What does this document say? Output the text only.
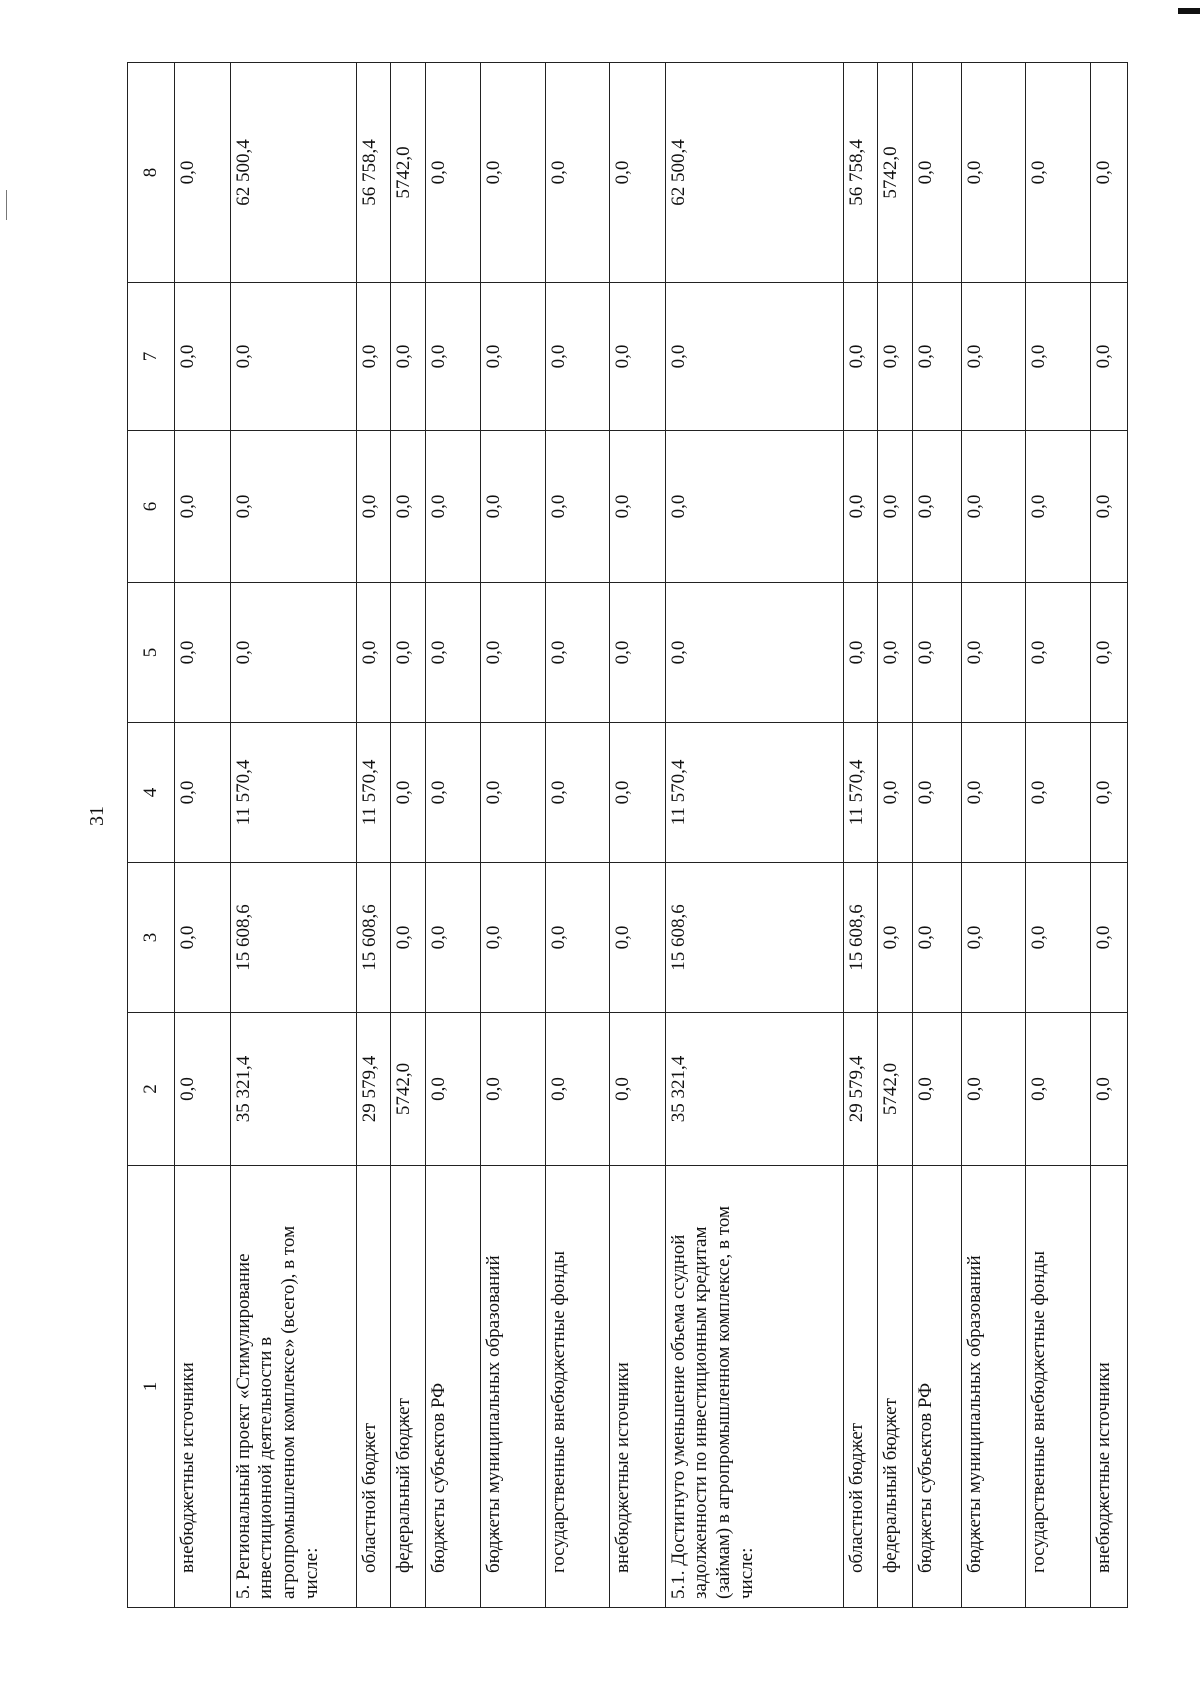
31
1	2	3	4	5	6	7	8
внебюджетные источники	0,0	0,0	0,0	0,0	0,0	0,0	0,0
5. Региональный проект «Стимулирование инвестиционной деятельности в агропромышленном комплексе» (всего), в том числе:	35 321,4	15 608,6	11 570,4	0,0	0,0	0,0	62 500,4
областной бюджет	29 579,4	15 608,6	11 570,4	0,0	0,0	0,0	56 758,4
федеральный бюджет	5742,0	0,0	0,0	0,0	0,0	0,0	5742,0
бюджеты субъектов РФ	0,0	0,0	0,0	0,0	0,0	0,0	0,0
бюджеты муниципальных образований	0,0	0,0	0,0	0,0	0,0	0,0	0,0
государственные внебюджетные фонды	0,0	0,0	0,0	0,0	0,0	0,0	0,0
внебюджетные источники	0,0	0,0	0,0	0,0	0,0	0,0	0,0
5.1. Достигнуто уменьшение объема ссудной задолженности по инвестиционным кредитам (займам) в агропромышленном комплексе, в том числе:	35 321,4	15 608,6	11 570,4	0,0	0,0	0,0	62 500,4
областной бюджет	29 579,4	15 608,6	11 570,4	0,0	0,0	0,0	56 758,4
федеральный бюджет	5742,0	0,0	0,0	0,0	0,0	0,0	5742,0
бюджеты субъектов РФ	0,0	0,0	0,0	0,0	0,0	0,0	0,0
бюджеты муниципальных образований	0,0	0,0	0,0	0,0	0,0	0,0	0,0
государственные внебюджетные фонды	0,0	0,0	0,0	0,0	0,0	0,0	0,0
внебюджетные источники	0,0	0,0	0,0	0,0	0,0	0,0	0,0
